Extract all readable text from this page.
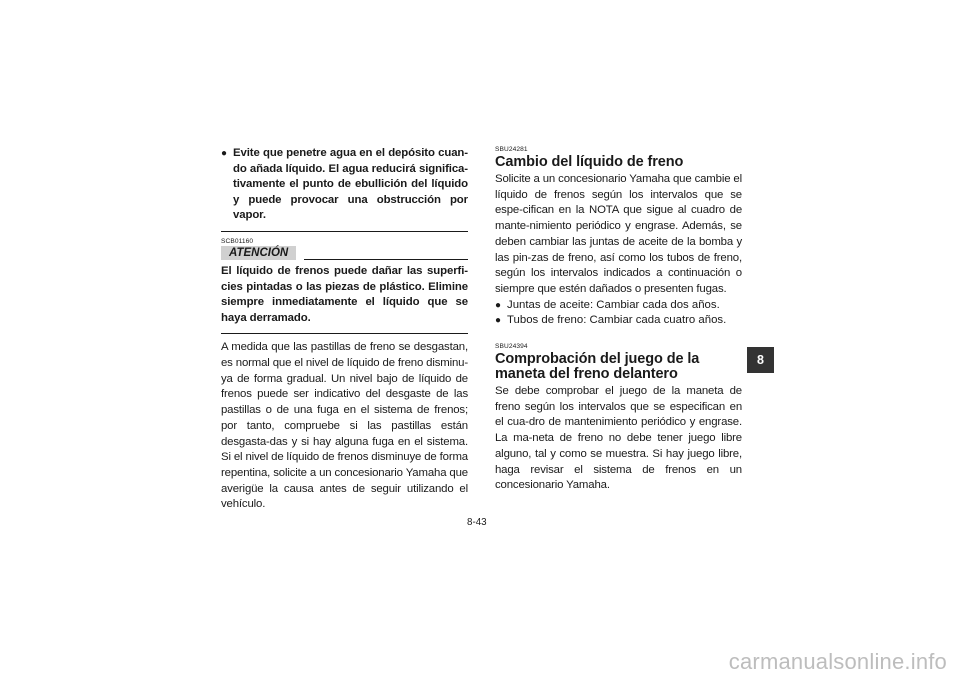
● Evite que penetre agua en el depósito cuan-do añada líquido. El agua reducirá significa-tivamente el punto de ebullición del líquido y puede provocar una obstrucción por vapor.
SCB01160
ATENCIÓN
El líquido de frenos puede dañar las superfi-cies pintadas o las piezas de plástico. Elimine siempre inmediatamente el líquido que se haya derramado.
A medida que las pastillas de freno se desgastan, es normal que el nivel de líquido de freno disminu-ya de forma gradual. Un nivel bajo de líquido de frenos puede ser indicativo del desgaste de las pastillas o de una fuga en el sistema de frenos; por tanto, compruebe si las pastillas están desgasta-das y si hay alguna fuga en el sistema. Si el nivel de líquido de frenos disminuye de forma repentina, solicite a un concesionario Yamaha que averigüe la causa antes de seguir utilizando el vehículo.
SBU24281
Cambio del líquido de freno
Solicite a un concesionario Yamaha que cambie el líquido de frenos según los intervalos que se espe-cifican en la NOTA que sigue al cuadro de mante-nimiento periódico y engrase. Además, se deben cambiar las juntas de aceite de la bomba y las pin-zas de freno, así como los tubos de freno, según los intervalos indicados a continuación o siempre que estén dañados o presenten fugas.
● Juntas de aceite: Cambiar cada dos años.
● Tubos de freno: Cambiar cada cuatro años.
SBU24394
Comprobación del juego de la maneta del freno delantero
Se debe comprobar el juego de la maneta de freno según los intervalos que se especifican en el cua-dro de mantenimiento periódico y engrase. La ma-neta de freno no debe tener juego libre alguno, tal y como se muestra. Si hay juego libre, haga revisar el sistema de frenos en un concesionario Yamaha.
8
8-43
carmanualsonline.info
